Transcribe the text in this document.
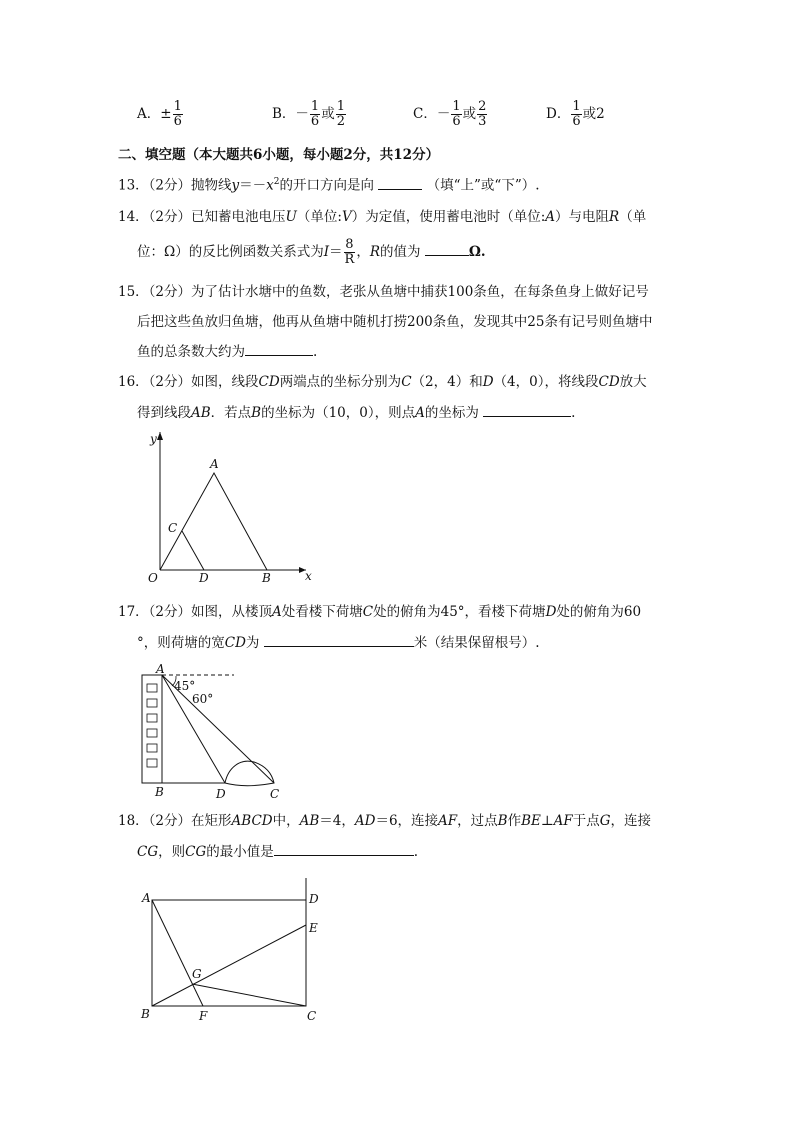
A．± $\frac{1}{6}$	B．－ $\frac{1}{6}$ 或 $\frac{1}{2}$	C．－ $\frac{1}{6}$ 或 $\frac{2}{3}$	D． $\frac{1}{6}$ 或2
二、填空题（本大题共6小题，每小题2分，共12分）
13．（2分）抛物线$y=-x^2$的开口方向是向	（填“上”或“下”）.
14．（2分）已知蓄电池电压U（单位:V）为定值，使用蓄电池时（单位:A）与电阻R（单
位：Ω）的反比例函数关系式为$I= \frac{8}{R}$ ，R的值为	Ω.
15．（2分）为了估计水塘中的鱼数，老张从鱼塘中捕获100条鱼，在每条鱼身上做好记号
后把这些鱼放归鱼塘，他再从鱼塘中随机打捞200条鱼，发现其中25条有记号则鱼塘中
鱼的总条数大约为	.
16．（2分）如图，线段CD两端点的坐标分别为C（2，4）和D（4，0），将线段CD放大
得到线段AB．若点B的坐标为（10，0），则点A的坐标为	.
y
x
O
A
B
C
D
A
45°
60°
B	D	C
A	D
E
G
B	F	C
17．（2分）如图，从楼顶A处看楼下荷塘C处的俯角为45°，看楼下荷塘D处的俯角为60
°，则荷塘的宽CD为	米（结果保留根号）.
18．（2分）在矩形ABCD中，AB＝4，AD＝6，连接AF，过点B作BE⊥AF于点G，连接
CG，则CG的最小值是	.
